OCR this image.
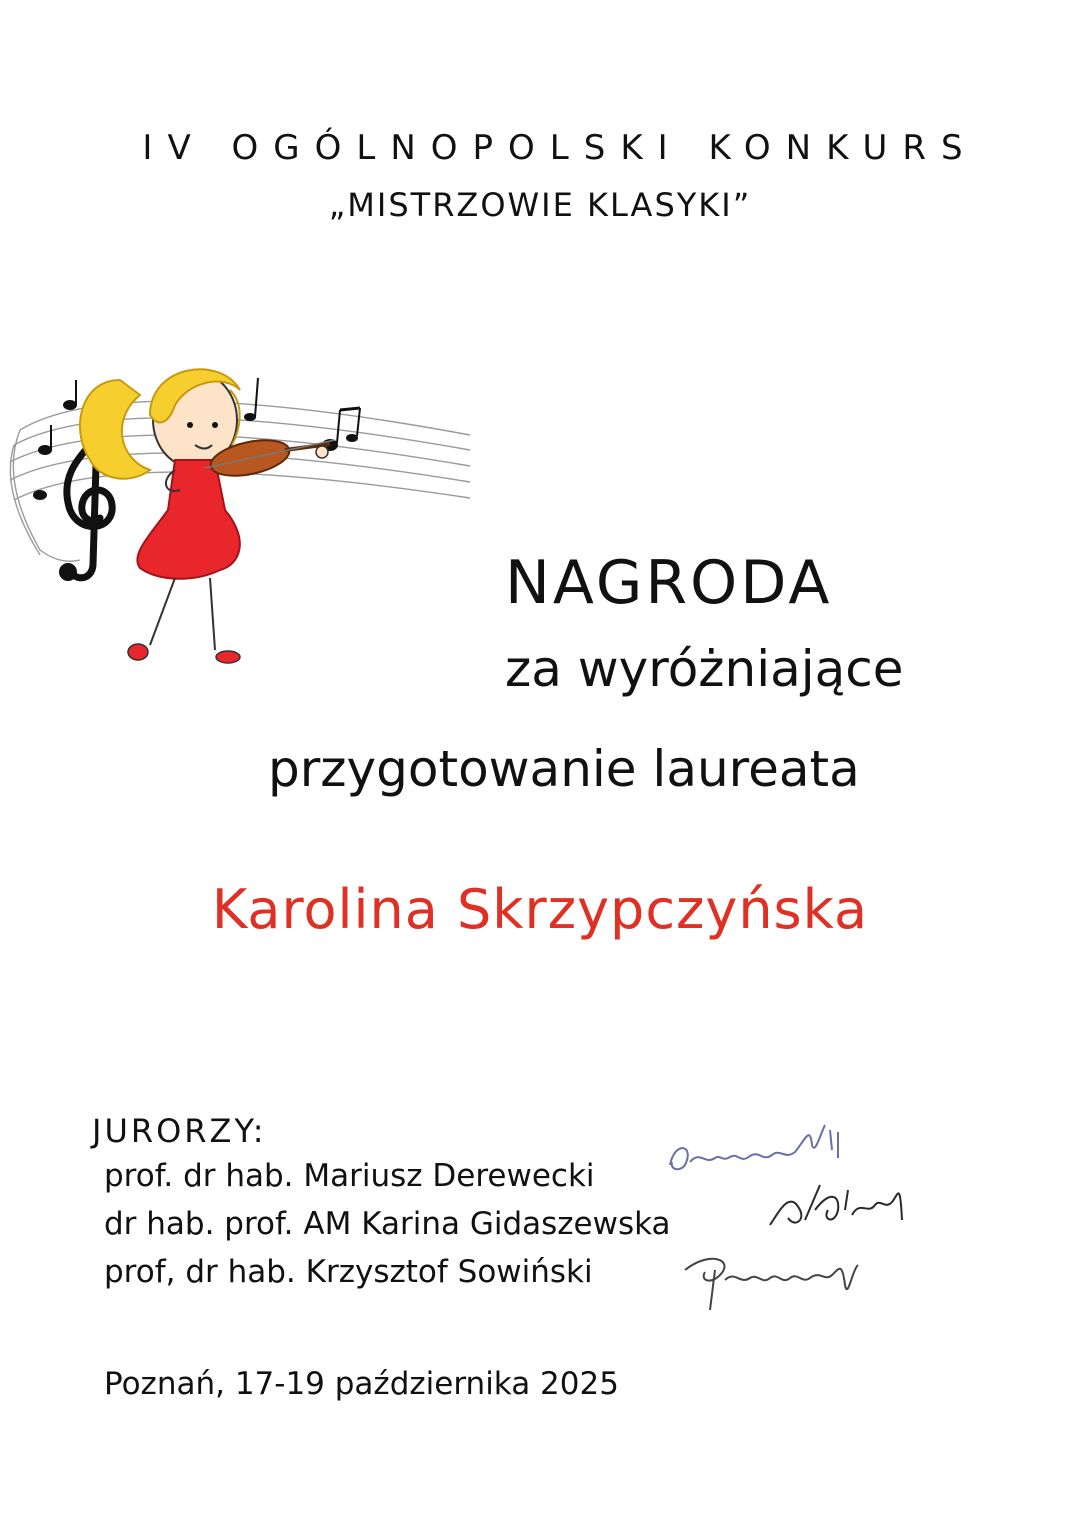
IV OGÓLNOPOLSKI KONKURS
„MISTRZOWIE KLASYKI”
NAGRODA
za wyróżniające
przygotowanie laureata
Karolina Skrzypczyńska
JURORZY:
prof. dr hab. Mariusz Derewecki
dr hab. prof. AM Karina Gidaszewska
prof, dr hab. Krzysztof Sowiński
Poznań, 17-19 października 2025
